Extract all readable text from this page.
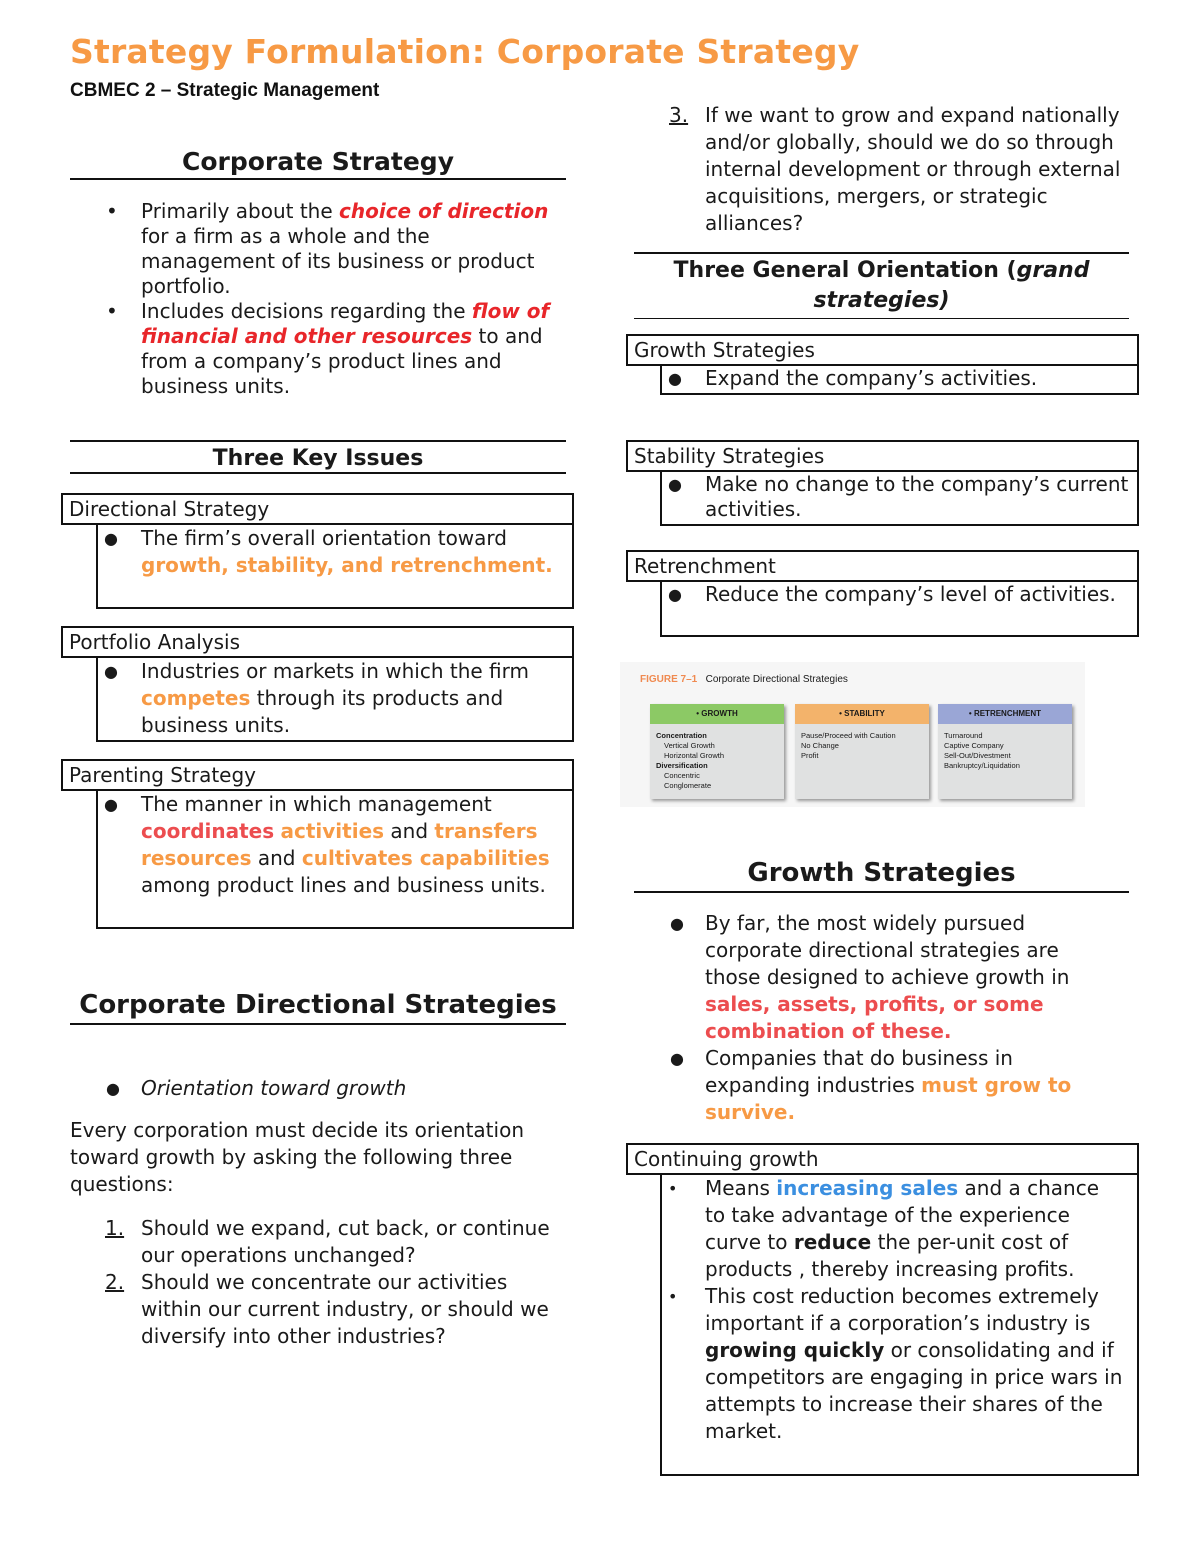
Strategy Formulation: Corporate Strategy
CBMEC 2 – Strategic Management
Corporate Strategy
• Primarily about the choice of direction for a firm as a whole and the management of its business or product portfolio.
• Includes decisions regarding the flow of financial and other resources to and from a company’s product lines and business units.
Three Key Issues
Directional Strategy
● The firm’s overall orientation toward growth, stability, and retrenchment.
Portfolio Analysis
● Industries or markets in which the firm competes through its products and business units.
Parenting Strategy
● The manner in which management coordinates activities and transfers resources and cultivates capabilities among product lines and business units.
Corporate Directional Strategies
● Orientation toward growth
Every corporation must decide its orientation toward growth by asking the following three questions:
1. Should we expand, cut back, or continue our operations unchanged?
2. Should we concentrate our activities within our current industry, or should we diversify into other industries?
3. If we want to grow and expand nationally and/or globally, should we do so through internal development or through external acquisitions, mergers, or strategic alliances?
Three General Orientation (grand strategies)
Growth Strategies
● Expand the company’s activities.
Stability Strategies
● Make no change to the company’s current activities.
Retrenchment
● Reduce the company’s level of activities.
FIGURE 7–1 Corporate Directional Strategies
• GROWTH
Concentration
Vertical Growth
Horizontal Growth
Diversification
Concentric
Conglomerate
• STABILITY
Pause/Proceed with Caution
No Change
Profit
• RETRENCHMENT
Turnaround
Captive Company
Sell-Out/Divestment
Bankruptcy/Liquidation
Growth Strategies
● By far, the most widely pursued corporate directional strategies are those designed to achieve growth in sales, assets, profits, or some combination of these.
● Companies that do business in expanding industries must grow to survive.
Continuing growth
• Means increasing sales and a chance to take advantage of the experience curve to reduce the per-unit cost of products , thereby increasing profits.
• This cost reduction becomes extremely important if a corporation’s industry is growing quickly or consolidating and if competitors are engaging in price wars in attempts to increase their shares of the market.
